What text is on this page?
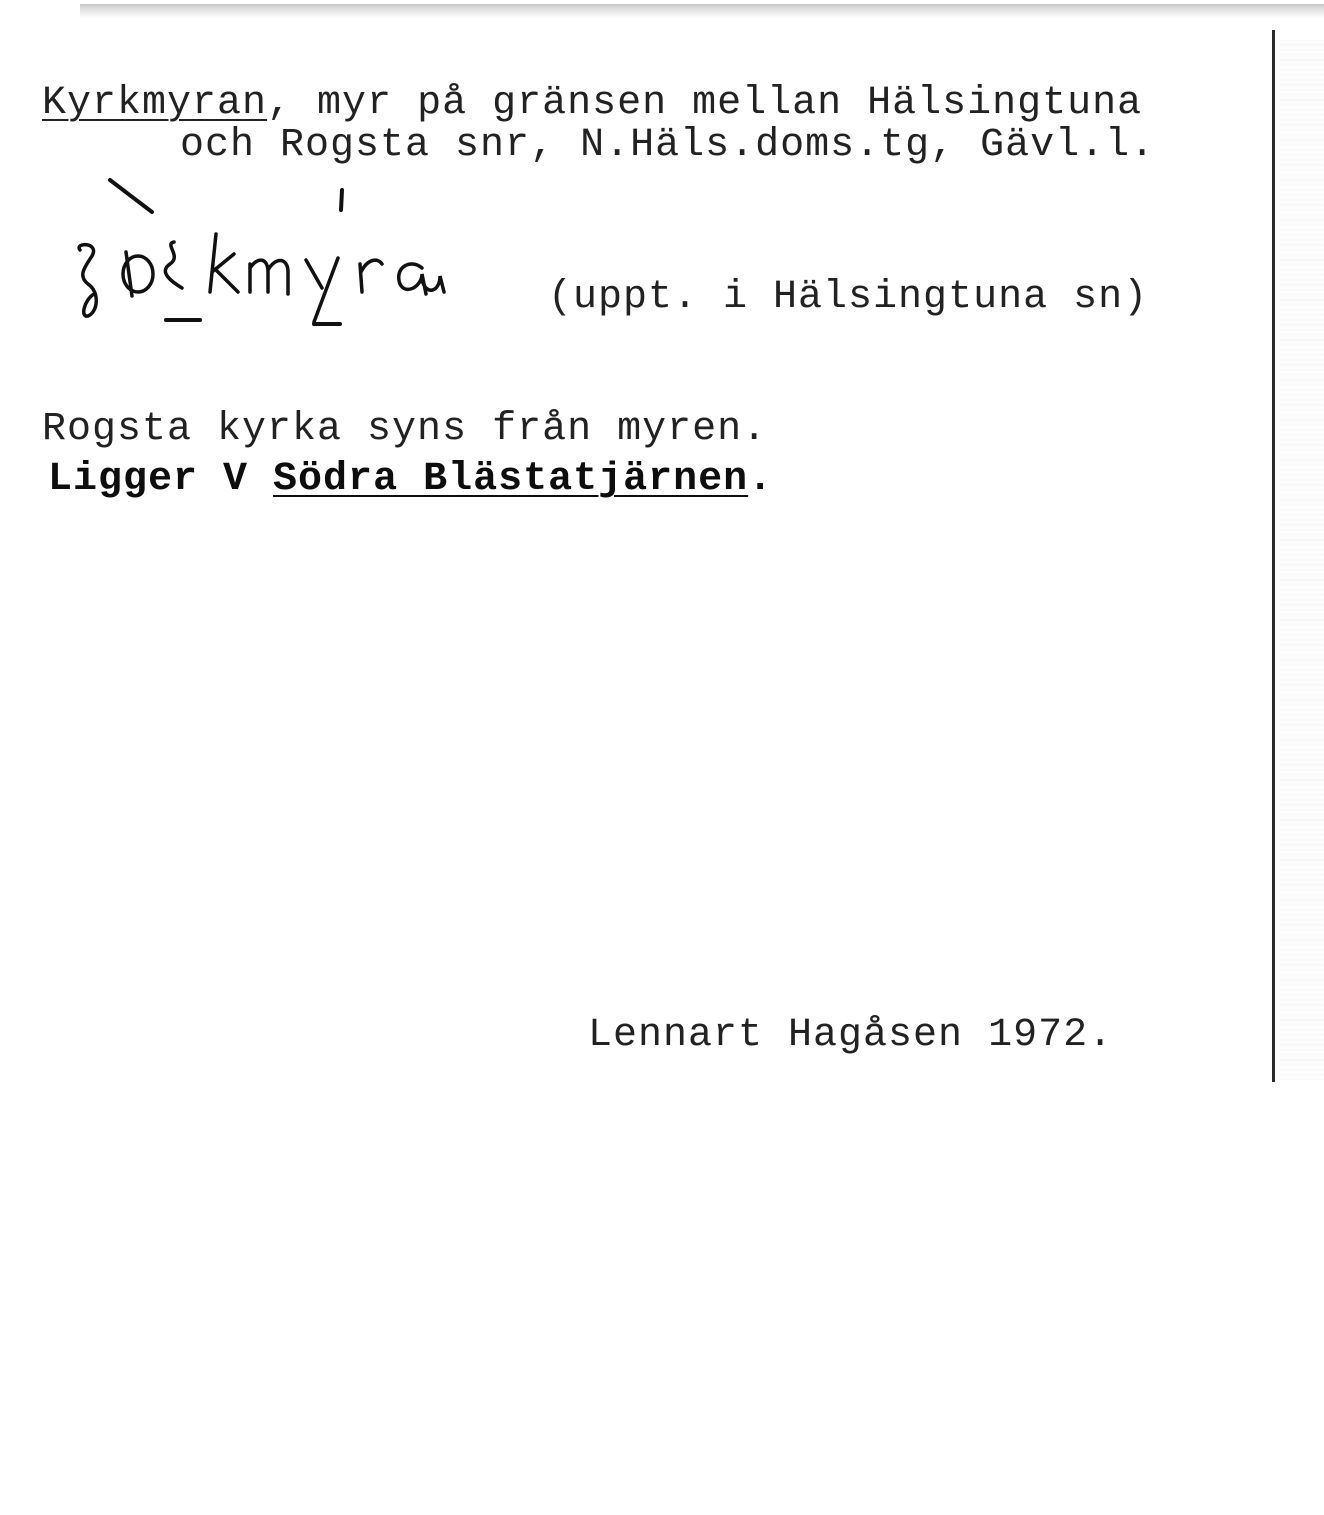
Kyrkmyran, myr på gränsen mellan Hälsingtuna
och Rogsta snr, N.Häls.doms.tg, Gävl.l.
(uppt. i Hälsingtuna sn)
Rogsta kyrka syns från myren.
Ligger V Södra Blästatjärnen.
Lennart Hagåsen 1972.
